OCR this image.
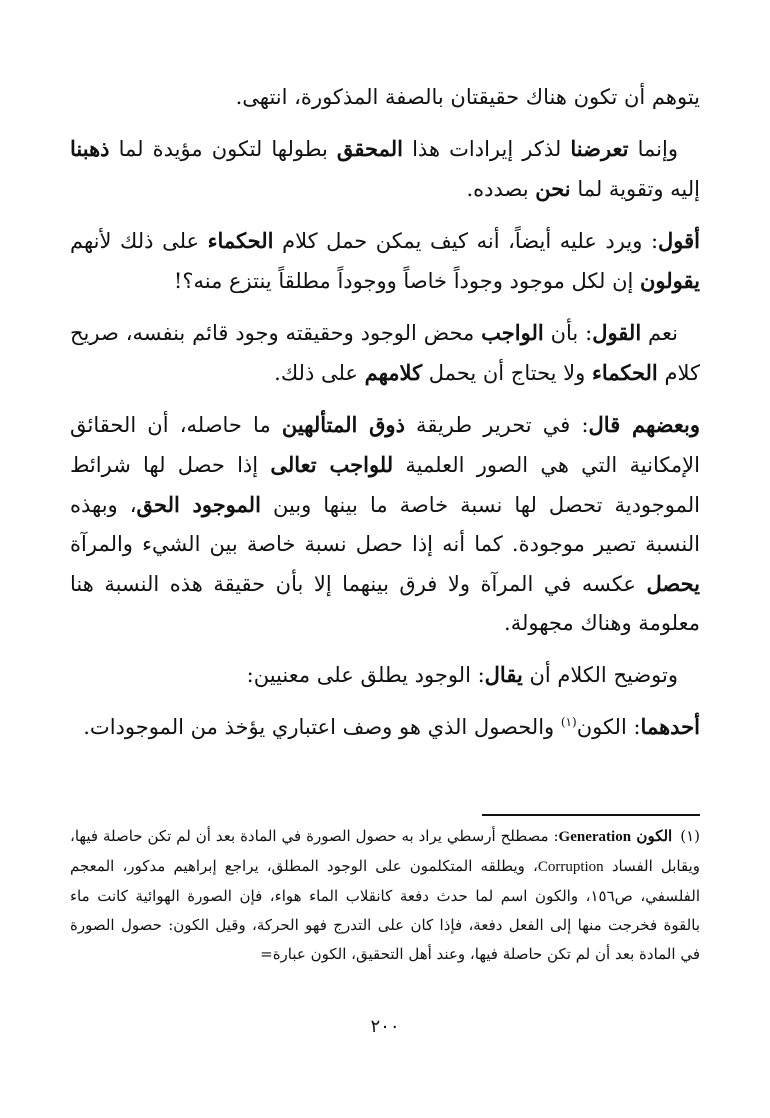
يتوهم أن تكون هناك حقيقتان بالصفة المذكورة، انتهى.

وإنما تعرضنا لذكر إيرادات هذا المحقق بطولها لتكون مؤيدة لما ذهبنا إليه وتقوية لما نحن بصدده.

أقول: ويرد عليه أيضاً، أنه كيف يمكن حمل كلام الحكماء على ذلك لأنهم يقولون إن لكل موجود وجوداً خاصاً ووجوداً مطلقاً ينتزع منه؟!

نعم القول: بأن الواجب محض الوجود وحقيقته وجود قائم بنفسه، صريح كلام الحكماء ولا يحتاج أن يحمل كلامهم على ذلك.

وبعضهم قال: في تحرير طريقة ذوق المتألهين ما حاصله، أن الحقائق الإمكانية التي هي الصور العلمية للواجب تعالى إذا حصل لها شرائط الموجودية تحصل لها نسبة خاصة ما بينها وبين الموجود الحق، وبهذه النسبة تصير موجودة. كما أنه إذا حصل نسبة خاصة بين الشيء والمرآة يحصل عكسه في المرآة ولا فرق بينهما إلا بأن حقيقة هذه النسبة هنا معلومة وهناك مجهولة.

وتوضيح الكلام أن يقال: الوجود يطلق على معنيين:

أحدهما: الكون$^{(١)}$ والحصول الذي هو وصف اعتباري يؤخذ من الموجودات.

(١)الكون Generation: مصطلح أرسطي يراد به حصول الصورة في المادة بعد أن لم تكن حاصلة فيها، ويقابل الفساد Corruption، ويطلقه المتكلمون على الوجود المطلق، يراجع إبراهيم مدكور، المعجم الفلسفي، ص١٥٦، والكون اسم لما حدث دفعة كانقلاب الماء هواء، فإن الصورة الهوائية كانت ماء بالقوة فخرجت منها إلى الفعل دفعة، فإذا كان على التدرج فهو الحركة، وقيل الكون: حصول الصورة في المادة بعد أن لم تكن حاصلة فيها، وعند أهل التحقيق، الكون عبارة=
٢٠٠
